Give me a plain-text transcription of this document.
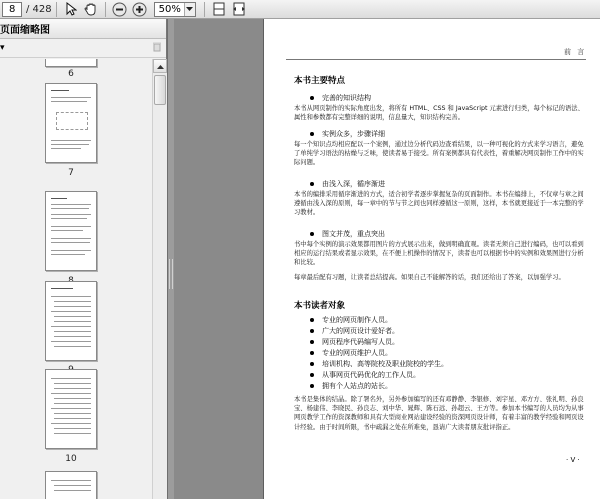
8	/ 428	50%
页面缩略图
▾
6
7
10
前 言
本书主要特点
完善的知识结构
本书从网页制作的实际角度出发，将所有 HTML、CSS 和 JavaScript 元素进行归类，每个标记的语法、属性和参数都有完整详细的说明，信息量大，知识结构完善。
实例众多，步骤详细
每一个知识点均相应配以一个案例，通过边分析代码边查看结果，以一种可视化的方式来学习语言，避免了单纯学习语法的枯燥与乏味，使读者易于接受。所有案例都具有代表性，着重解决网页制作工作中的实际问题。
由浅入深，循序渐进
本书的编排采用循序渐进的方式，适合初学者逐步掌握复杂的页面制作。本书在编排上，不仅章与章之间遵循由浅入深的原则，每一章中的节与节之间也同样遵循这一原则，这样，本书就更接近于一本完整的学习教材。
图文并茂，重点突出
书中每个实例的演示效果都用图片的方式展示出来，做到明确直观。读者无须自己进行编码，也可以看到相应的运行结果或者显示效果，在不便上机操作的情况下，读者也可以根据书中的实例和效果图进行分析和比较。
每章最后配有习题，让读者总结提高。如果自己不能解答的话，我们还给出了答案，以加强学习。
本书读者对象
专业的网页制作人员。
广大的网页设计爱好者。
网页程序代码编写人员。
专业的网页维护人员。
培训机构、高等院校及职业院校的学生。
从事网页代码优化的工作人员。
拥有个人站点的站长。
本书是集体的结晶。除了署名外，另外参加编写的还有邓静静、李银修、刘宇星、邓方方、张礼明、孙良宝、杨建伟、李晓民、孙良志、刘中华、晁辉、陈石远、孙超云、王方等。参加本书编写的人员均为从事网页教学工作的资深教师和具有大型商业网站建设经验的资深网页设计师，有着丰富的教学经验和网页设计经验。由于时间所限，书中疏漏之处在所难免，恳请广大读者朋友批评指正。
· V ·
